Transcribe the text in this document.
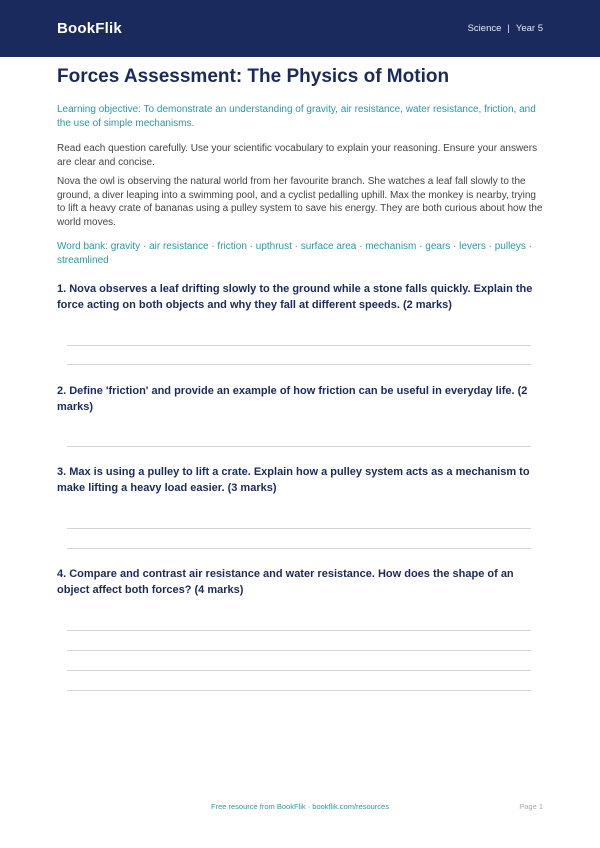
BookFlik	Science | Year 5
Forces Assessment: The Physics of Motion

Learning objective: To demonstrate an understanding of gravity, air resistance, water resistance, friction, and the use of simple mechanisms.

Read each question carefully. Use your scientific vocabulary to explain your reasoning. Ensure your answers are clear and concise.

Nova the owl is observing the natural world from her favourite branch. She watches a leaf fall slowly to the ground, a diver leaping into a swimming pool, and a cyclist pedalling uphill. Max the monkey is nearby, trying to lift a heavy crate of bananas using a pulley system to save his energy. They are both curious about how the world moves.

Word bank: gravity · air resistance · friction · upthrust · surface area · mechanism · gears · levers · pulleys · streamlined

1. Nova observes a leaf drifting slowly to the ground while a stone falls quickly. Explain the force acting on both objects and why they fall at different speeds. (2 marks)

2. Define 'friction' and provide an example of how friction can be useful in everyday life. (2 marks)

3. Max is using a pulley to lift a crate. Explain how a pulley system acts as a mechanism to make lifting a heavy load easier. (3 marks)

4. Compare and contrast air resistance and water resistance. How does the shape of an object affect both forces? (4 marks)

Free resource from BookFlik · bookflik.com/resources	Page 1
